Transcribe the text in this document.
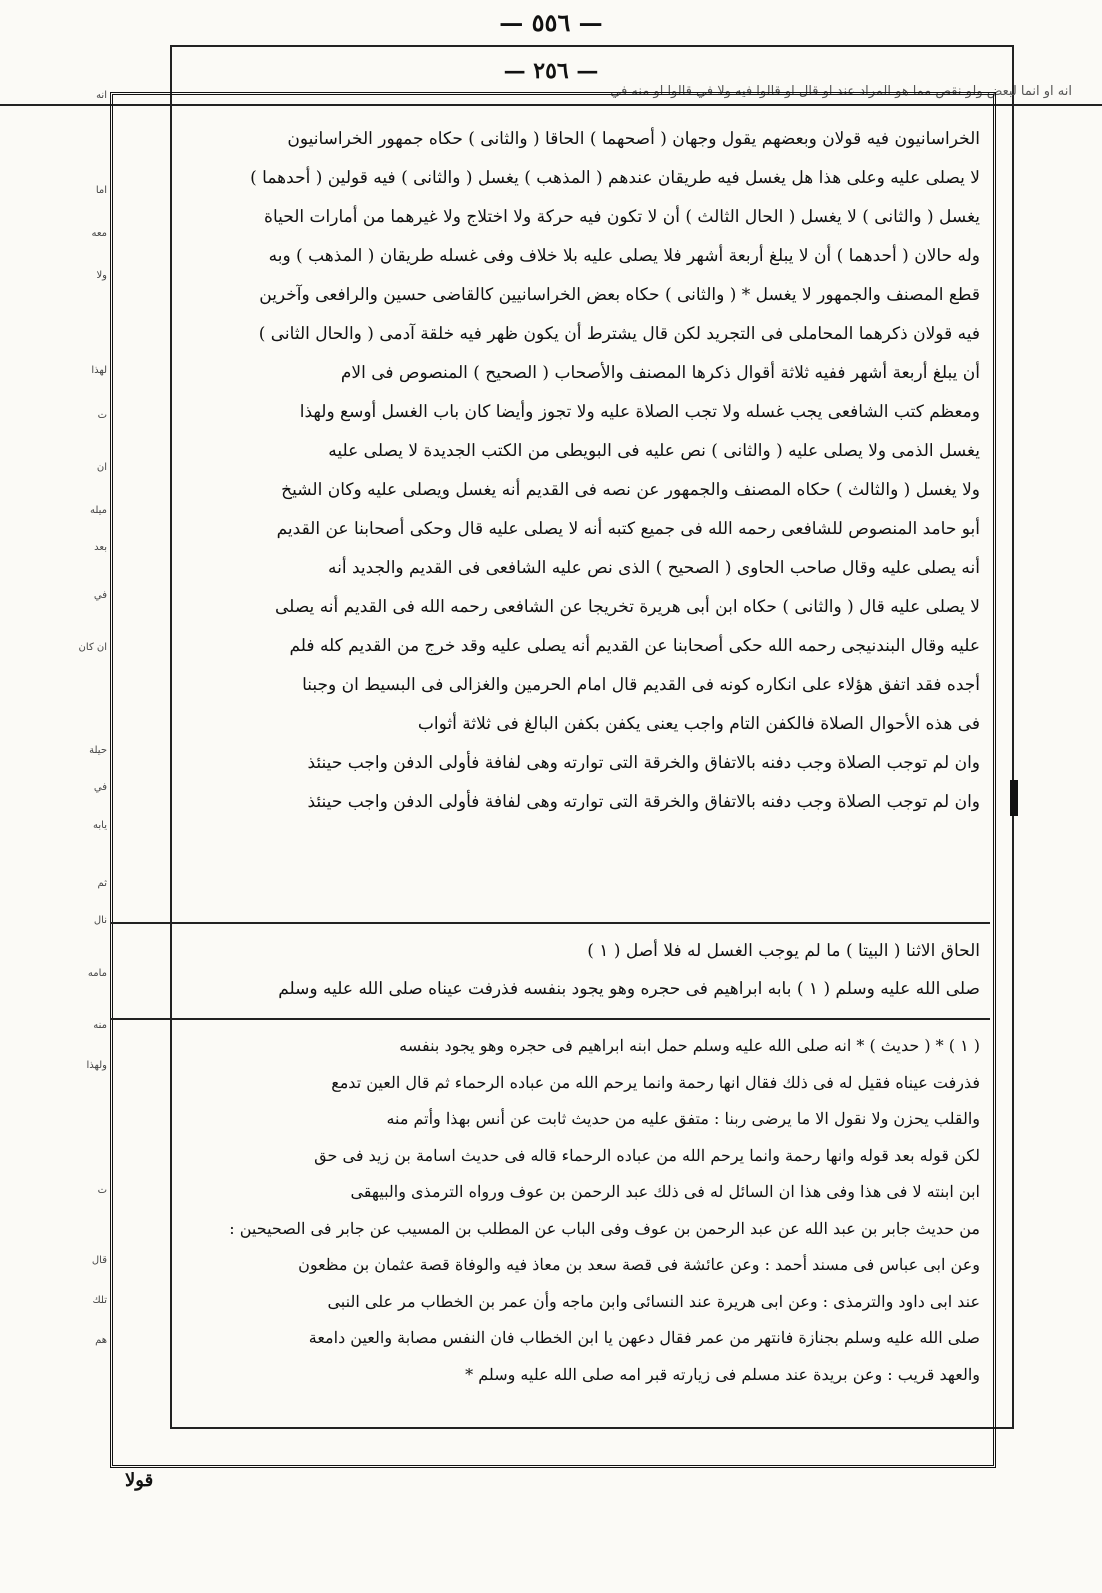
— ٥٥٦ —
— ٢٥٦ —
انه او انما لبعض ولو نقص مما هو المراد عند او قال او قالوا فيه ولا في قالوا او منه في
الخراسانيون فيه قولان وبعضهم يقول وجهان ( أصحهما ) الحاقا ( والثانى ) حكاه جمهور الخراسانيون
لا يصلى عليه وعلى هذا هل يغسل فيه طريقان عندهم ( المذهب ) يغسل ( والثانى ) فيه قولين ( أحدهما )
يغسل ( والثانى ) لا يغسل ( الحال الثالث ) أن لا تكون فيه حركة ولا اختلاج ولا غيرهما من أمارات الحياة
وله حالان ( أحدهما ) أن لا يبلغ أربعة أشهر فلا يصلى عليه بلا خلاف وفى غسله طريقان ( المذهب ) وبه
قطع المصنف والجمهور لا يغسل * ( والثانى ) حكاه بعض الخراسانيين كالقاضى حسين والرافعى وآخرين
فيه قولان ذكرهما المحاملى فى التجريد لكن قال يشترط أن يكون ظهر فيه خلقة آدمى ( والحال الثانى )
أن يبلغ أربعة أشهر ففيه ثلاثة أقوال ذكرها المصنف والأصحاب ( الصحيح ) المنصوص فى الام
ومعظم كتب الشافعى يجب غسله ولا تجب الصلاة عليه ولا تجوز وأيضا كان باب الغسل أوسع ولهذا
يغسل الذمى ولا يصلى عليه ( والثانى ) نص عليه فى البويطى من الكتب الجديدة لا يصلى عليه
ولا يغسل ( والثالث ) حكاه المصنف والجمهور عن نصه فى القديم أنه يغسل ويصلى عليه وكان الشيخ
أبو حامد المنصوص للشافعى رحمه الله فى جميع كتبه أنه لا يصلى عليه قال وحكى أصحابنا عن القديم
أنه يصلى عليه وقال صاحب الحاوى ( الصحيح ) الذى نص عليه الشافعى فى القديم والجديد أنه
لا يصلى عليه قال ( والثانى ) حكاه ابن أبى هريرة تخريجا عن الشافعى رحمه الله فى القديم أنه يصلى
عليه وقال البندنيجى رحمه الله حكى أصحابنا عن القديم أنه يصلى عليه وقد خرج من القديم كله فلم
أجده فقد اتفق هؤلاء على انكاره كونه فى القديم قال امام الحرمين والغزالى فى البسيط ان وجبنا
فى هذه الأحوال الصلاة فالكفن التام واجب يعنى يكفن بكفن البالغ فى ثلاثة أثواب
وان لم توجب الصلاة وجب دفنه بالاتفاق والخرقة التى توارته وهى لفافة فأولى الدفن واجب حينئذ
وان لم توجب الصلاة وجب دفنه بالاتفاق والخرقة التى توارته وهى لفافة فأولى الدفن واجب حينئذ
الحاق الاثنا ( البيتا ) ما لم يوجب الغسل له فلا أصل ( ١ )
صلى الله عليه وسلم ( ١ ) بابه ابراهيم فى حجره وهو يجود بنفسه فذرفت عيناه صلى الله عليه وسلم
( ١ ) * ( حديث ) * انه صلى الله عليه وسلم حمل ابنه ابراهيم فى حجره وهو يجود بنفسه
فذرفت عيناه فقيل له فى ذلك فقال انها رحمة وانما يرحم الله من عباده الرحماء ثم قال العين تدمع
والقلب يحزن ولا نقول الا ما يرضى ربنا : متفق عليه من حديث ثابت عن أنس بهذا وأتم منه
لكن قوله بعد قوله وانها رحمة وانما يرحم الله من عباده الرحماء قاله فى حديث اسامة بن زيد فى حق
ابن ابنته لا فى هذا وفى هذا ان السائل له فى ذلك عبد الرحمن بن عوف ورواه الترمذى والبيهقى
من حديث جابر بن عبد الله عن عبد الرحمن بن عوف وفى الباب عن المطلب بن المسيب عن جابر فى الصحيحين :
وعن ابى عباس فى مسند أحمد : وعن عائشة فى قصة سعد بن معاذ فيه والوفاة قصة عثمان بن مظعون
عند ابى داود والترمذى : وعن ابى هريرة عند النسائى وابن ماجه وأن عمر بن الخطاب مر على النبى
صلى الله عليه وسلم بجنازة فانتهر من عمر فقال دعهن يا ابن الخطاب فان النفس مصابة والعين دامعة
والعهد قريب : وعن بريدة عند مسلم فى زيارته قبر امه صلى الله عليه وسلم *
انه
اما
معه
ولا
لهذا
ت
ان
ميله
بعد
في
ان كان
حيلة
في
يابه
ثم
نال
مامه
منه
ولهذا
ت
قال
تلك
هم
قولا
